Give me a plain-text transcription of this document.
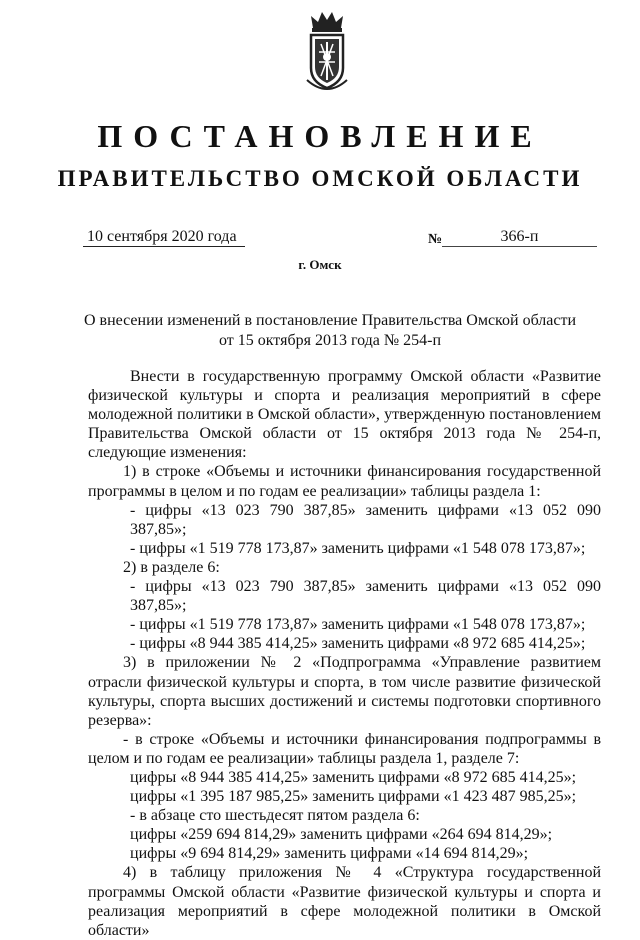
ПОСТАНОВЛЕНИЕ
ПРАВИТЕЛЬСТВО ОМСКОЙ ОБЛАСТИ
10 сентября 2020 года	№	366-п
г. Омск
О внесении изменений в постановление Правительства Омской области
от 15 октября 2013 года № 254-п

Внести в государственную программу Омской области «Развитие физической культуры и спорта и реализация мероприятий в сфере молодежной политики в Омской области», утвержденную постановлением Правительства Омской области от 15 октября 2013 года № 254-п, следующие изменения:

1) в строке «Объемы и источники финансирования государственной программы в целом и по годам ее реализации» таблицы раздела 1:

- цифры «13 023 790 387,85» заменить цифрами «13 052 090 387,85»;

- цифры «1 519 778 173,87» заменить цифрами «1 548 078 173,87»;

2) в разделе 6:

- цифры «13 023 790 387,85» заменить цифрами «13 052 090 387,85»;

- цифры «1 519 778 173,87» заменить цифрами «1 548 078 173,87»;

- цифры «8 944 385 414,25» заменить цифрами «8 972 685 414,25»;

3) в приложении № 2 «Подпрограмма «Управление развитием отрасли физической культуры и спорта, в том числе развитие физической культуры, спорта высших достижений и системы подготовки спортивного резерва»:

- в строке «Объемы и источники финансирования подпрограммы в целом и по годам ее реализации» таблицы раздела 1, разделе 7:

цифры «8 944 385 414,25» заменить цифрами «8 972 685 414,25»;

цифры «1 395 187 985,25» заменить цифрами «1 423 487 985,25»;

- в абзаце сто шестьдесят пятом раздела 6:

цифры «259 694 814,29» заменить цифрами «264 694 814,29»;

цифры «9 694 814,29» заменить цифрами «14 694 814,29»;

4) в таблицу приложения № 4 «Структура государственной программы Омской области «Развитие физической культуры и спорта и реализация мероприятий в сфере молодежной политики в Омской области»
